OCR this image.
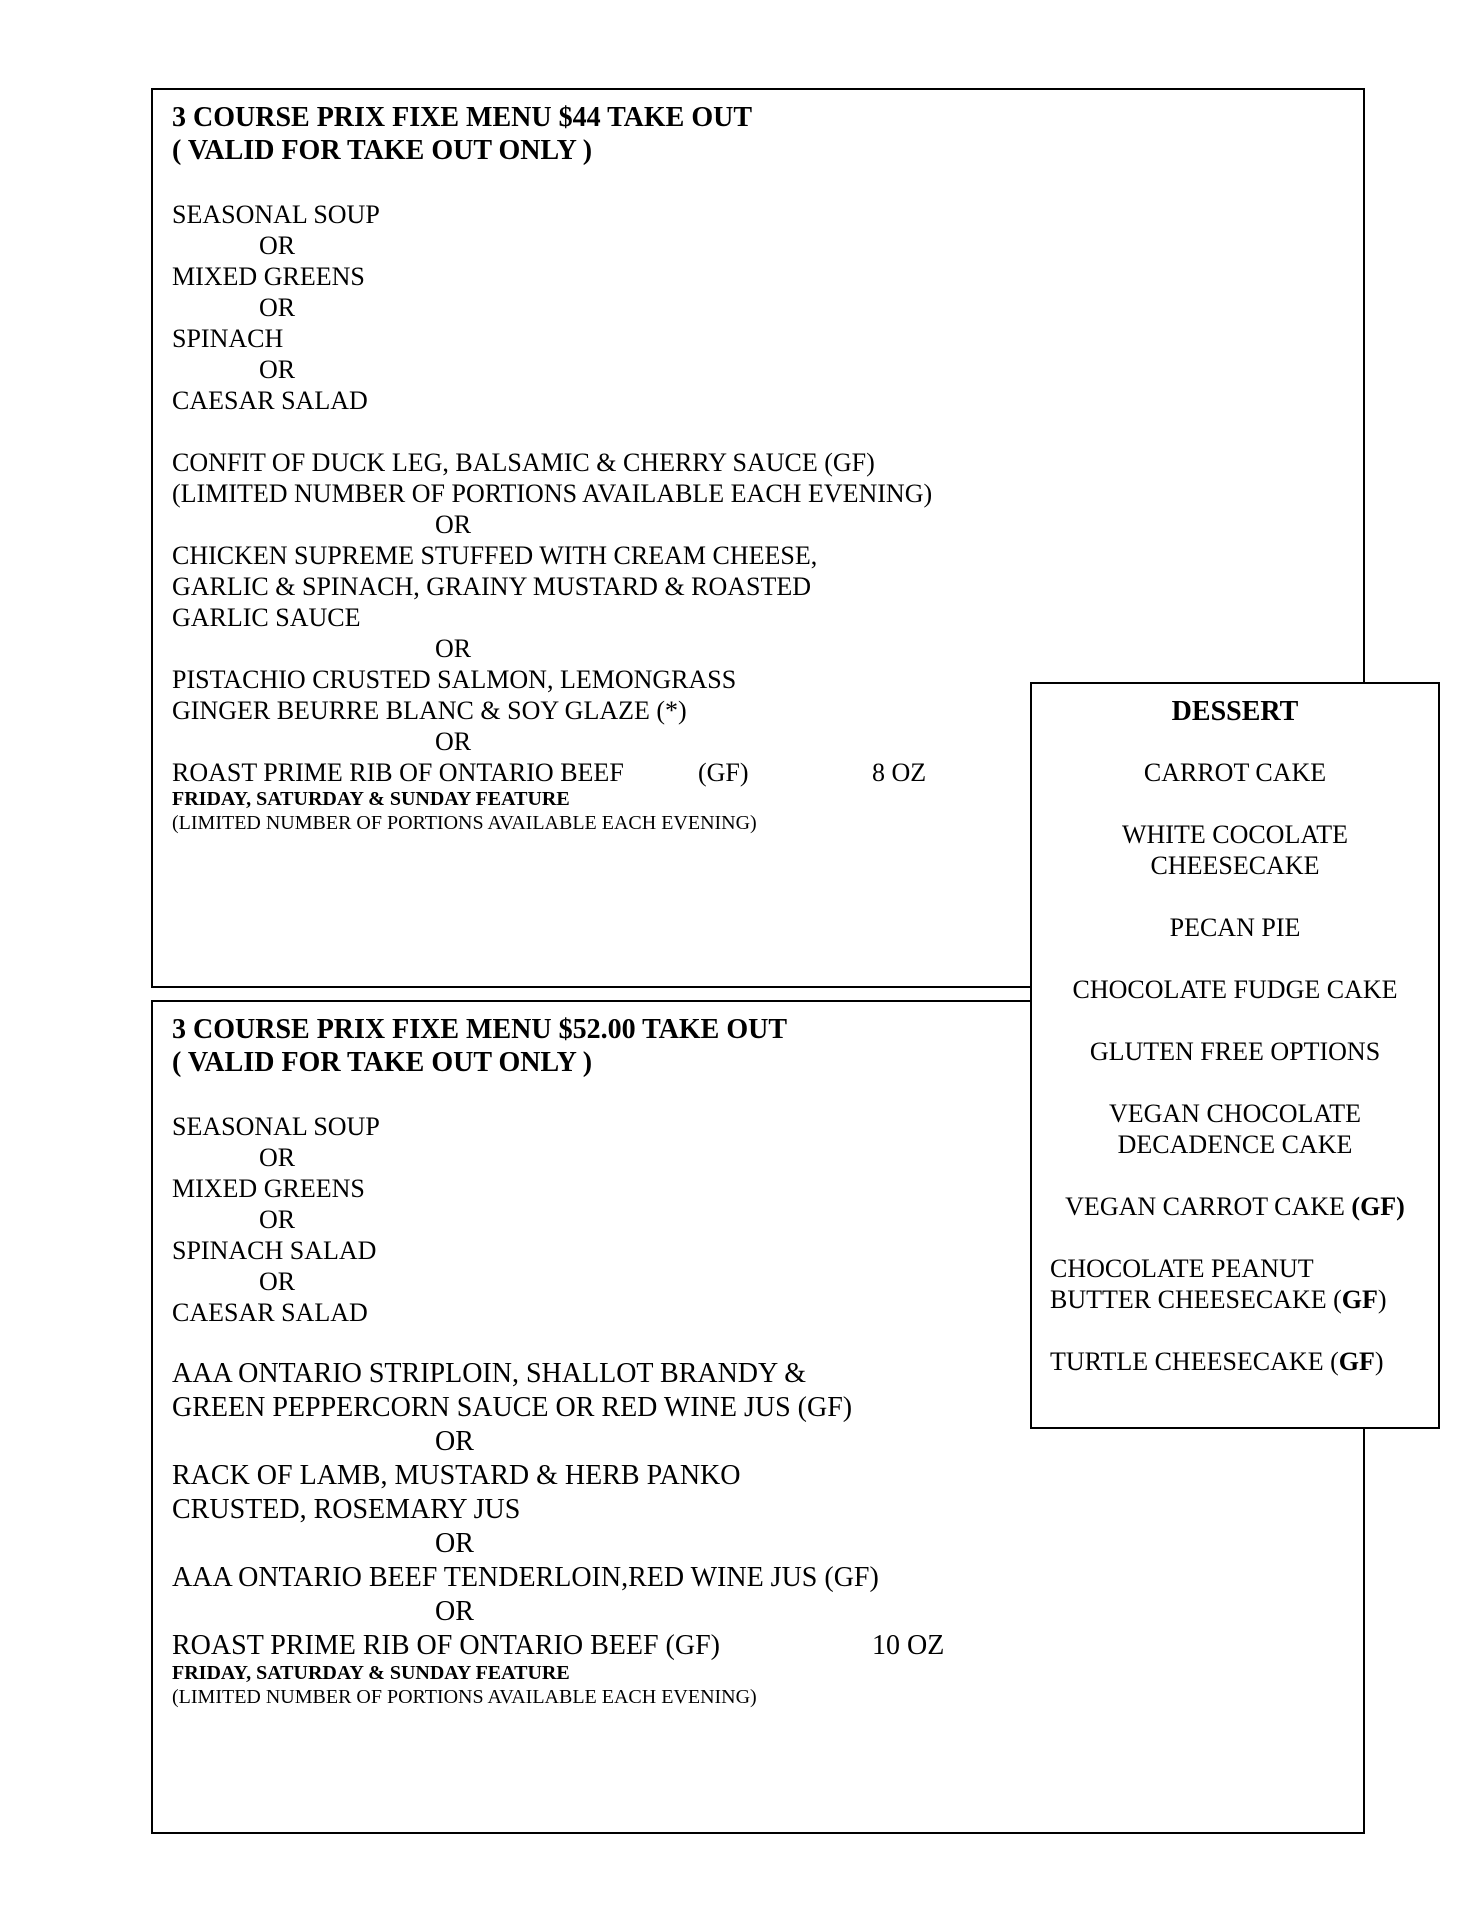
3 COURSE PRIX FIXE MENU $44 TAKE OUT
( VALID FOR TAKE OUT ONLY )
SEASONAL SOUP
OR
MIXED GREENS
OR
SPINACH
OR
CAESAR SALAD
CONFIT OF DUCK LEG, BALSAMIC & CHERRY SAUCE (GF)
(LIMITED NUMBER OF PORTIONS AVAILABLE EACH EVENING)
OR
CHICKEN SUPREME STUFFED WITH CREAM CHEESE,
GARLIC & SPINACH, GRAINY MUSTARD & ROASTED
GARLIC SAUCE
OR
PISTACHIO CRUSTED SALMON, LEMONGRASS
GINGER BEURRE BLANC & SOY GLAZE (*)
OR
ROAST PRIME RIB OF ONTARIO BEEF	(GF)	8 OZ
FRIDAY, SATURDAY & SUNDAY FEATURE
(LIMITED NUMBER OF PORTIONS AVAILABLE EACH EVENING)
3 COURSE PRIX FIXE MENU $52.00 TAKE OUT
( VALID FOR TAKE OUT ONLY )
SEASONAL SOUP
OR
MIXED GREENS
OR
SPINACH SALAD
OR
CAESAR SALAD
AAA ONTARIO STRIPLOIN, SHALLOT BRANDY &
GREEN PEPPERCORN SAUCE OR RED WINE JUS (GF)
OR
RACK OF LAMB, MUSTARD & HERB PANKO
CRUSTED, ROSEMARY JUS
OR
AAA ONTARIO BEEF TENDERLOIN,RED WINE JUS (GF)
OR
ROAST PRIME RIB OF ONTARIO BEEF (GF)	10 OZ
FRIDAY, SATURDAY & SUNDAY FEATURE
(LIMITED NUMBER OF PORTIONS AVAILABLE EACH EVENING)
DESSERT
CARROT CAKE
WHITE COCOLATE
CHEESECAKE
PECAN PIE
CHOCOLATE FUDGE CAKE
GLUTEN FREE OPTIONS
VEGAN CHOCOLATE
DECADENCE CAKE
VEGAN CARROT CAKE (GF)
CHOCOLATE PEANUT
BUTTER CHEESECAKE (GF)
TURTLE CHEESECAKE (GF)
